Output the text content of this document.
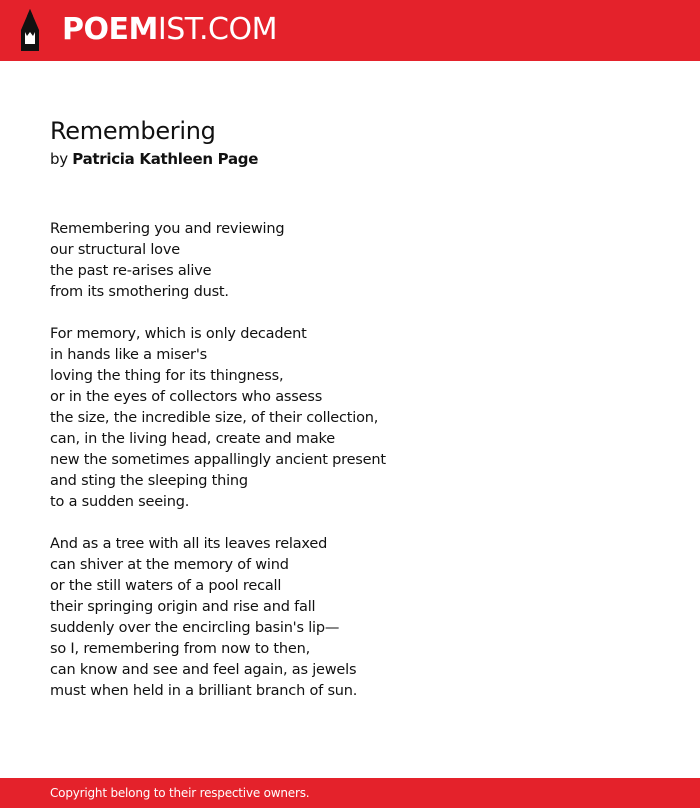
POEMIST.COM
Remembering
by Patricia Kathleen Page
Remembering you and reviewing
our structural love
the past re-arises alive
from its smothering dust.
For memory, which is only decadent
in hands like a miser's
loving the thing for its thingness,
or in the eyes of collectors who assess
the size, the incredible size, of their collection,
can, in the living head, create and make
new the sometimes appallingly ancient present
and sting the sleeping thing
to a sudden seeing.
And as a tree with all its leaves relaxed
can shiver at the memory of wind
or the still waters of a pool recall
their springing origin and rise and fall
suddenly over the encircling basin's lip—
so I, remembering from now to then,
can know and see and feel again, as jewels
must when held in a brilliant branch of sun.
Copyright belong to their respective owners.
